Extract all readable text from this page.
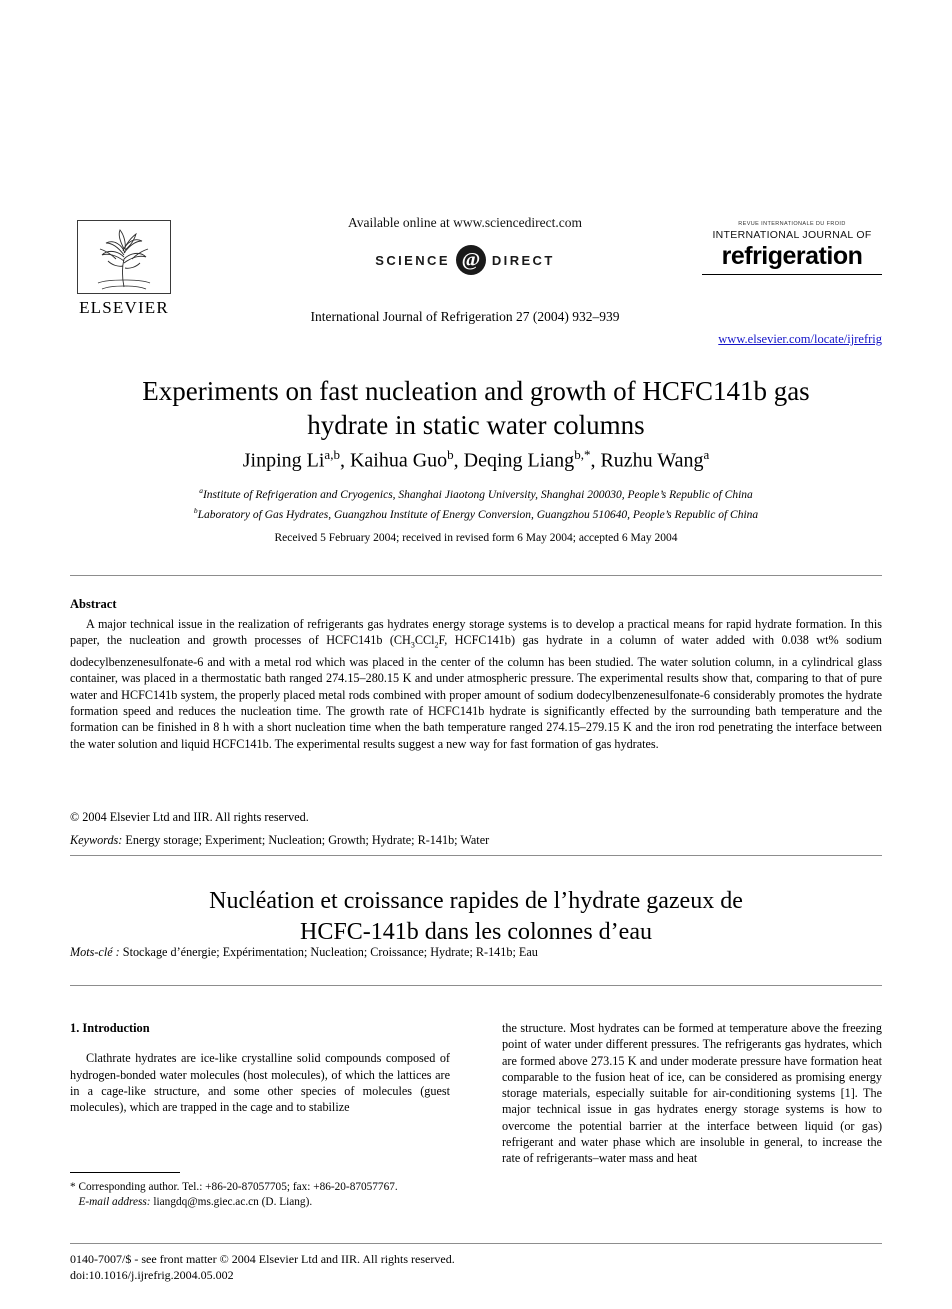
ELSEVIER
Available online at www.sciencedirect.com
SCIENCE @ DIRECT
International Journal of Refrigeration 27 (2004) 932–939
REVUE INTERNATIONALE DU FROID
INTERNATIONAL JOURNAL OF
refrigeration
www.elsevier.com/locate/ijrefrig
Experiments on fast nucleation and growth of HCFC141b gas
hydrate in static water columns
Jinping Li$^{a,b}$, Kaihua Guo$^b$, Deqing Liang$^{b,*}$, Ruzhu Wang$^a$
$^a$Institute of Refrigeration and Cryogenics, Shanghai Jiaotong University, Shanghai 200030, People’s Republic of China
$^b$Laboratory of Gas Hydrates, Guangzhou Institute of Energy Conversion, Guangzhou 510640, People’s Republic of China
Received 5 February 2004; received in revised form 6 May 2004; accepted 6 May 2004
Abstract

A major technical issue in the realization of refrigerants gas hydrates energy storage systems is to develop a practical means for rapid hydrate formation. In this paper, the nucleation and growth processes of HCFC141b ($CH_3CCl_2F$, HCFC141b) gas hydrate in a column of water added with 0.038 wt% sodium dodecylbenzenesulfonate-6 and with a metal rod which was placed in the center of the column has been studied. The water solution column, in a cylindrical glass container, was placed in a thermostatic bath ranged 274.15–280.15 K and under atmospheric pressure. The experimental results show that, comparing to that of pure water and HCFC141b system, the properly placed metal rods combined with proper amount of sodium dodecylbenzenesulfonate-6 considerably promotes the hydrate formation speed and reduces the nucleation time. The growth rate of HCFC141b hydrate is significantly effected by the surrounding bath temperature and the formation can be finished in 8 h with a short nucleation time when the bath temperature ranged 274.15–279.15 K and the iron rod penetrating the interface between the water solution and liquid HCFC141b. The experimental results suggest a new way for fast formation of gas hydrates.

© 2004 Elsevier Ltd and IIR. All rights reserved.
Keywords: Energy storage; Experiment; Nucleation; Growth; Hydrate; R-141b; Water
Nucléation et croissance rapides de l’hydrate gazeux de
HCFC-141b dans les colonnes d’eau
Mots-clé : Stockage d’énergie; Expérimentation; Nucleation; Croissance; Hydrate; R-141b; Eau
1. Introduction

Clathrate hydrates are ice-like crystalline solid compounds composed of hydrogen-bonded water molecules (host molecules), of which the lattices are in a cage-like structure, and some other species of molecules (guest molecules), which are trapped in the cage and to stabilize

the structure. Most hydrates can be formed at temperature above the freezing point of water under different pressures. The refrigerants gas hydrates, which are formed above 273.15 K and under moderate pressure have formation heat comparable to the fusion heat of ice, can be considered as promising energy storage materials, especially suitable for air-conditioning systems [1]. The major technical issue in gas hydrates energy storage systems is how to overcome the potential barrier at the interface between liquid (or gas) refrigerant and water phase which are insoluble in general, to increase the rate of refrigerants–water mass and heat

* Corresponding author. Tel.: +86-20-87057705; fax: +86-20-87057767.
E-mail address: liangdq@ms.giec.ac.cn (D. Liang).
0140-7007/$ - see front matter © 2004 Elsevier Ltd and IIR. All rights reserved.
doi:10.1016/j.ijrefrig.2004.05.002
